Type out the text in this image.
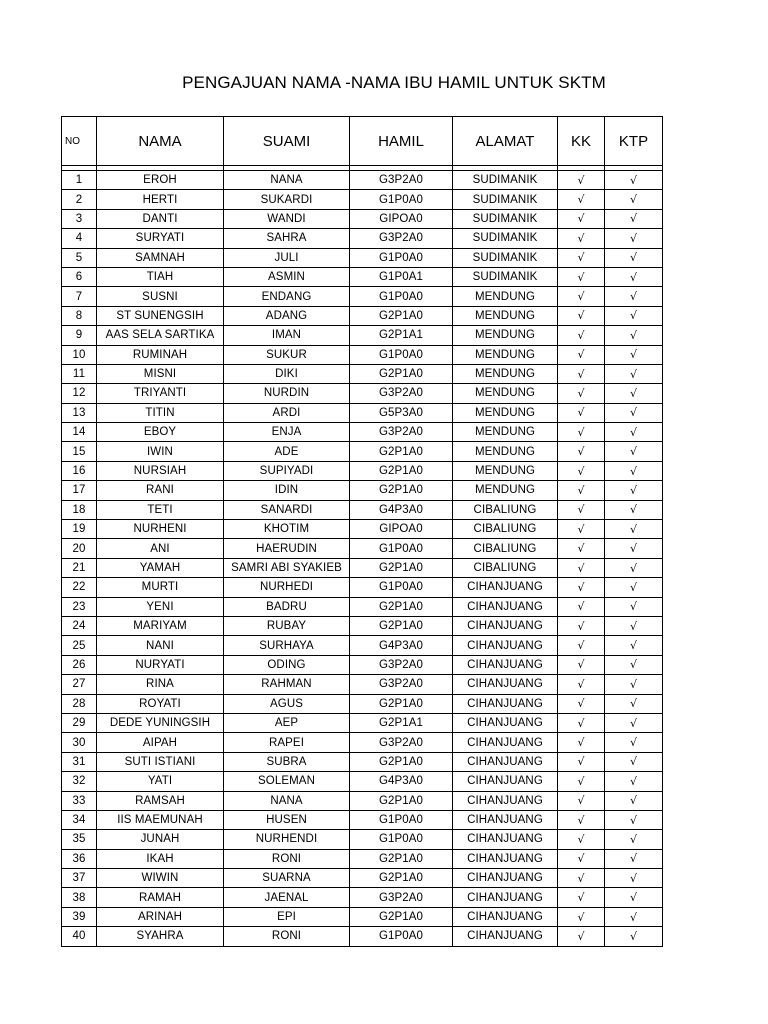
PENGAJUAN NAMA -NAMA IBU HAMIL UNTUK SKTM
NO	NAMA	SUAMI	HAMIL	ALAMAT	KK	KTP

1	EROH	NANA	G3P2A0	SUDIMANIK	√	√
2	HERTI	SUKARDI	G1P0A0	SUDIMANIK	√	√
3	DANTI	WANDI	GIPOA0	SUDIMANIK	√	√
4	SURYATI	SAHRA	G3P2A0	SUDIMANIK	√	√
5	SAMNAH	JULI	G1P0A0	SUDIMANIK	√	√
6	TIAH	ASMIN	G1P0A1	SUDIMANIK	√	√
7	SUSNI	ENDANG	G1P0A0	MENDUNG	√	√
8	ST SUNENGSIH	ADANG	G2P1A0	MENDUNG	√	√
9	AAS SELA SARTIKA	IMAN	G2P1A1	MENDUNG	√	√
10	RUMINAH	SUKUR	G1P0A0	MENDUNG	√	√
11	MISNI	DIKI	G2P1A0	MENDUNG	√	√
12	TRIYANTI	NURDIN	G3P2A0	MENDUNG	√	√
13	TITIN	ARDI	G5P3A0	MENDUNG	√	√
14	EBOY	ENJA	G3P2A0	MENDUNG	√	√
15	IWIN	ADE	G2P1A0	MENDUNG	√	√
16	NURSIAH	SUPIYADI	G2P1A0	MENDUNG	√	√
17	RANI	IDIN	G2P1A0	MENDUNG	√	√
18	TETI	SANARDI	G4P3A0	CIBALIUNG	√	√
19	NURHENI	KHOTIM	GIPOA0	CIBALIUNG	√	√
20	ANI	HAERUDIN	G1P0A0	CIBALIUNG	√	√
21	YAMAH	SAMRI ABI SYAKIEB	G2P1A0	CIBALIUNG	√	√
22	MURTI	NURHEDI	G1P0A0	CIHANJUANG	√	√
23	YENI	BADRU	G2P1A0	CIHANJUANG	√	√
24	MARIYAM	RUBAY	G2P1A0	CIHANJUANG	√	√
25	NANI	SURHAYA	G4P3A0	CIHANJUANG	√	√
26	NURYATI	ODING	G3P2A0	CIHANJUANG	√	√
27	RINA	RAHMAN	G3P2A0	CIHANJUANG	√	√
28	ROYATI	AGUS	G2P1A0	CIHANJUANG	√	√
29	DEDE YUNINGSIH	AEP	G2P1A1	CIHANJUANG	√	√
30	AIPAH	RAPEI	G3P2A0	CIHANJUANG	√	√
31	SUTI ISTIANI	SUBRA	G2P1A0	CIHANJUANG	√	√
32	YATI	SOLEMAN	G4P3A0	CIHANJUANG	√	√
33	RAMSAH	NANA	G2P1A0	CIHANJUANG	√	√
34	IIS MAEMUNAH	HUSEN	G1P0A0	CIHANJUANG	√	√
35	JUNAH	NURHENDI	G1P0A0	CIHANJUANG	√	√
36	IKAH	RONI	G2P1A0	CIHANJUANG	√	√
37	WIWIN	SUARNA	G2P1A0	CIHANJUANG	√	√
38	RAMAH	JAENAL	G3P2A0	CIHANJUANG	√	√
39	ARINAH	EPI	G2P1A0	CIHANJUANG	√	√
40	SYAHRA	RONI	G1P0A0	CIHANJUANG	√	√
